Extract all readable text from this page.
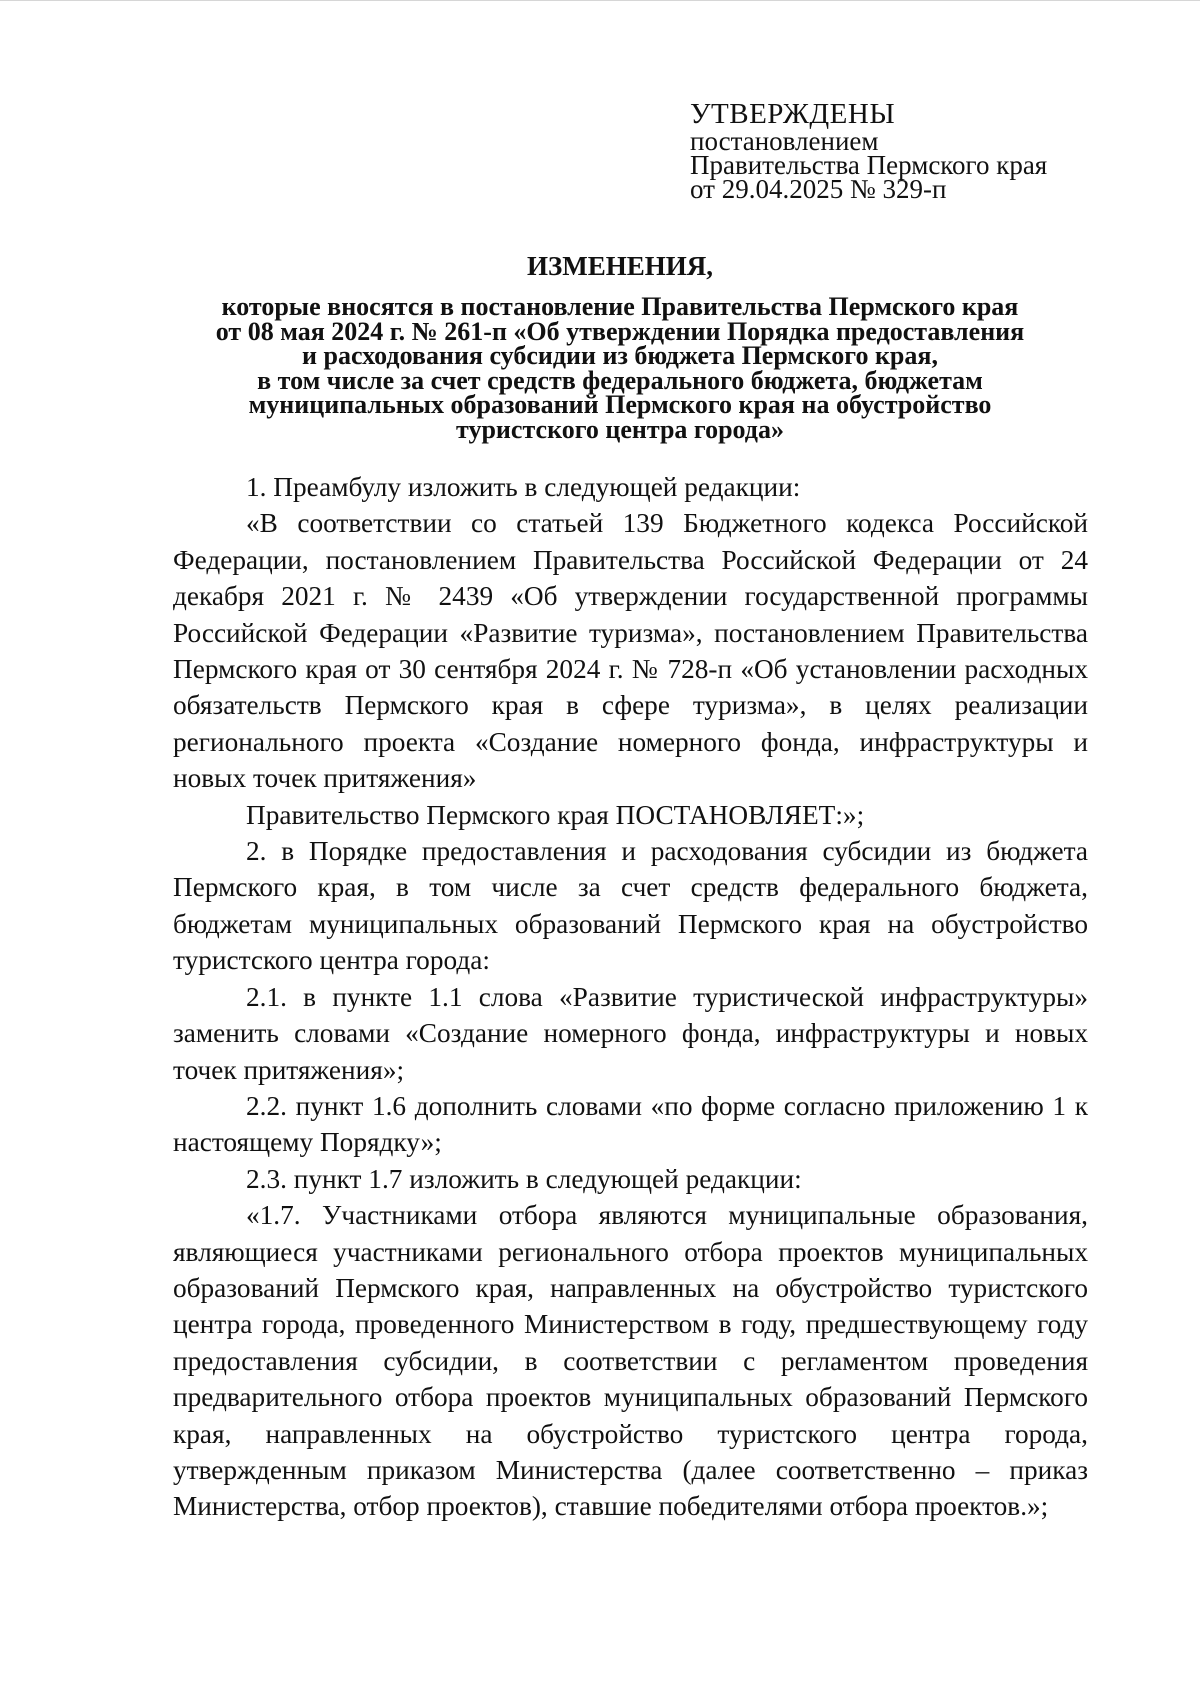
УТВЕРЖДЕНЫ
постановлением
Правительства Пермского края
от 29.04.2025 № 329-п
ИЗМЕНЕНИЯ,
которые вносятся в постановление Правительства Пермского края
от 08 мая 2024 г. № 261-п «Об утверждении Порядка предоставления
и расходования субсидии из бюджета Пермского края,
в том числе за счет средств федерального бюджета, бюджетам
муниципальных образований Пермского края на обустройство
туристского центра города»

1. Преамбулу изложить в следующей редакции:

«В соответствии со статьей 139 Бюджетного кодекса Российской Федерации, постановлением Правительства Российской Федерации от 24 декабря 2021 г. № 2439 «Об утверждении государственной программы Российской Федерации «Развитие туризма», постановлением Правительства Пермского края от 30 сентября 2024 г. № 728-п «Об установлении расходных обязательств Пермского края в сфере туризма», в целях реализации регионального проекта «Создание номерного фонда, инфраструктуры и новых точек притяжения»

Правительство Пермского края ПОСТАНОВЛЯЕТ:»;

2. в Порядке предоставления и расходования субсидии из бюджета Пермского края, в том числе за счет средств федерального бюджета, бюджетам муниципальных образований Пермского края на обустройство туристского центра города:

2.1. в пункте 1.1 слова «Развитие туристической инфраструктуры» заменить словами «Создание номерного фонда, инфраструктуры и новых точек притяжения»;

2.2. пункт 1.6 дополнить словами «по форме согласно приложению 1 к настоящему Порядку»;

2.3. пункт 1.7 изложить в следующей редакции:

«1.7. Участниками отбора являются муниципальные образования, являющиеся участниками регионального отбора проектов муниципальных образований Пермского края, направленных на обустройство туристского центра города, проведенного Министерством в году, предшествующему году предоставления субсидии, в соответствии с регламентом проведения предварительного отбора проектов муниципальных образований Пермского края, направленных на обустройство туристского центра города, утвержденным приказом Министерства (далее соответственно – приказ Министерства, отбор проектов), ставшие победителями отбора проектов.»;
